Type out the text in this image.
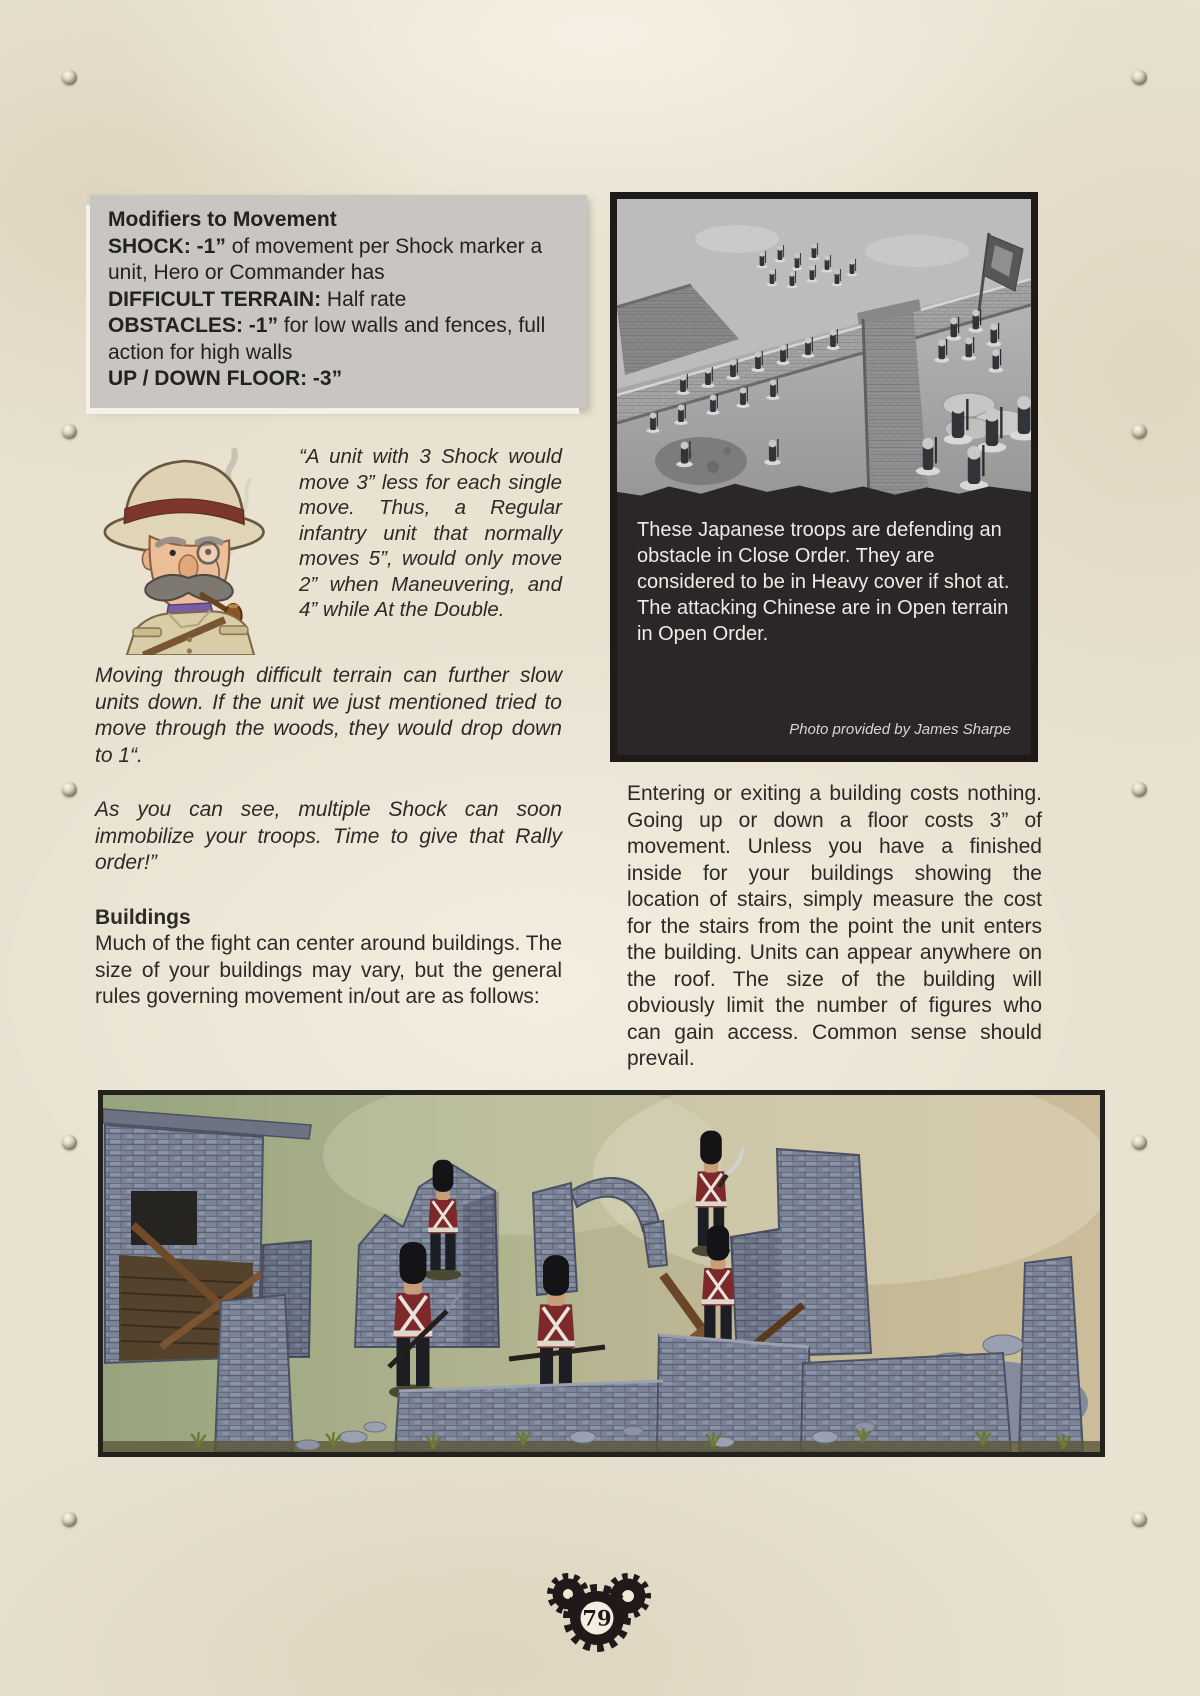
Modifiers to Movement
SHOCK: -1” of movement per Shock marker a unit, Hero or Commander has
DIFFICULT TERRAIN: Half rate
OBSTACLES: -1” for low walls and fences, full action for high walls
UP / DOWN FLOOR: -3”
“A unit with 3 Shock would move 3” less for each single move. Thus, a Regular infantry unit that normally moves 5”, would only move 2” when Maneuvering, and 4” while At the Double.

Moving through difficult terrain can further slow units down. If the unit we just mentioned tried to move through the woods, they would drop down to 1“.

As you can see, multiple Shock can soon immobilize your troops. Time to give that Rally order!”

Buildings

Much of the fight can center around buildings. The size of your buildings may vary, but the general rules governing movement in/out are as follows:

These Japanese troops are defending an obstacle in Close Order. They are considered to be in Heavy cover if shot at.

The attacking Chinese are in Open terrain in Open Order.

Photo provided by James Sharpe

Entering or exiting a building costs nothing. Going up or down a floor costs 3” of movement. Unless you have a finished inside for your buildings showing the location of stairs, simply measure the cost for the stairs from the point the unit enters the building. Units can appear anywhere on the roof. The size of the building will obviously limit the number of figures who can gain access. Common sense should prevail.

79
